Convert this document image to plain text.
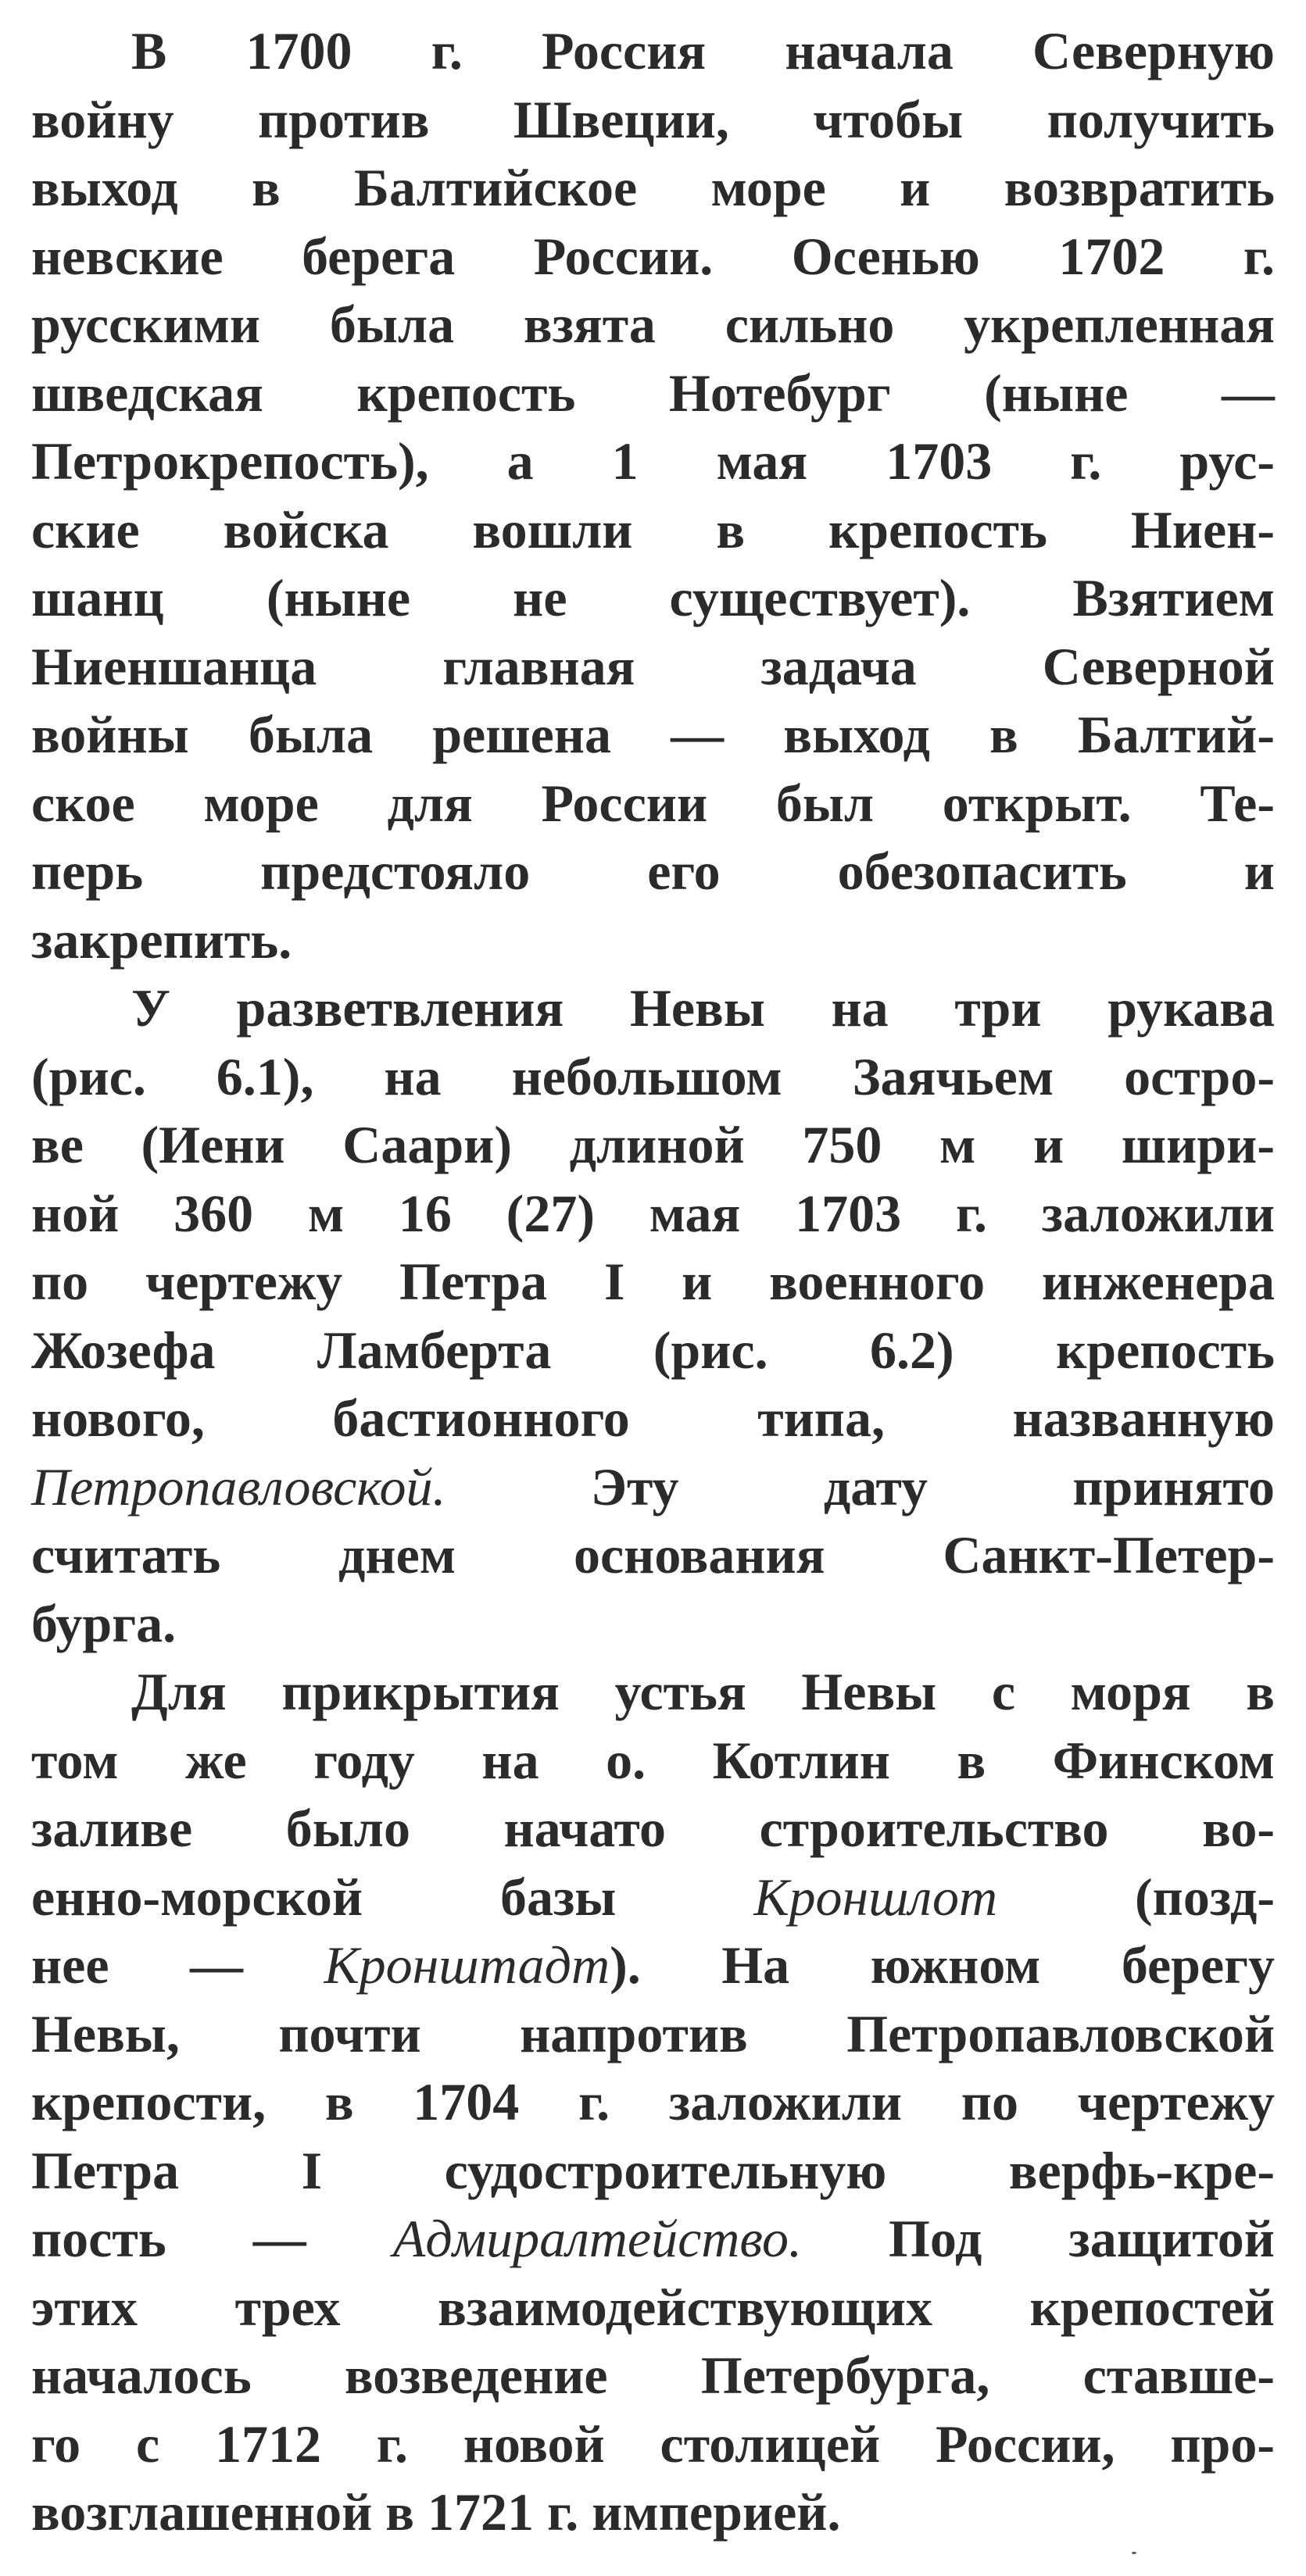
В 1700 г. Россия начала Северную
войну против Швеции, чтобы получить
выход в Балтийское море и возвратить
невские берега России. Осенью 1702 г.
русскими была взята сильно укрепленная
шведская крепость Нотебург (ныне —
Петрокрепость), а 1 мая 1703 г. рус-
ские войска вошли в крепость Ниен-
шанц (ныне не существует). Взятием
Ниеншанца главная задача Северной
войны была решена — выход в Балтий-
ское море для России был открыт. Те-
перь предстояло его обезопасить и
закрепить.
У разветвления Невы на три рукава
(рис. 6.1), на небольшом Заячьем остро-
ве (Иени Саари) длиной 750 м и шири-
ной 360 м 16 (27) мая 1703 г. заложили
по чертежу Петра I и военного инженера
Жозефа Ламберта (рис. 6.2) крепость
нового, бастионного типа, названную
Петропавловской. Эту дату принято
считать днем основания Санкт-Петер-
бурга.
Для прикрытия устья Невы с моря в
том же году на о. Котлин в Финском
заливе было начато строительство во-
енно-морской базы Кроншлот (позд-
нее — Кронштадт). На южном берегу
Невы, почти напротив Петропавловской
крепости, в 1704 г. заложили по чертежу
Петра I судостроительную верфь-кре-
пость — Адмиралтейство. Под защитой
этих трех взаимодействующих крепостей
началось возведение Петербурга, ставше-
го с 1712 г. новой столицей России, про-
возглашенной в 1721 г. империей.
